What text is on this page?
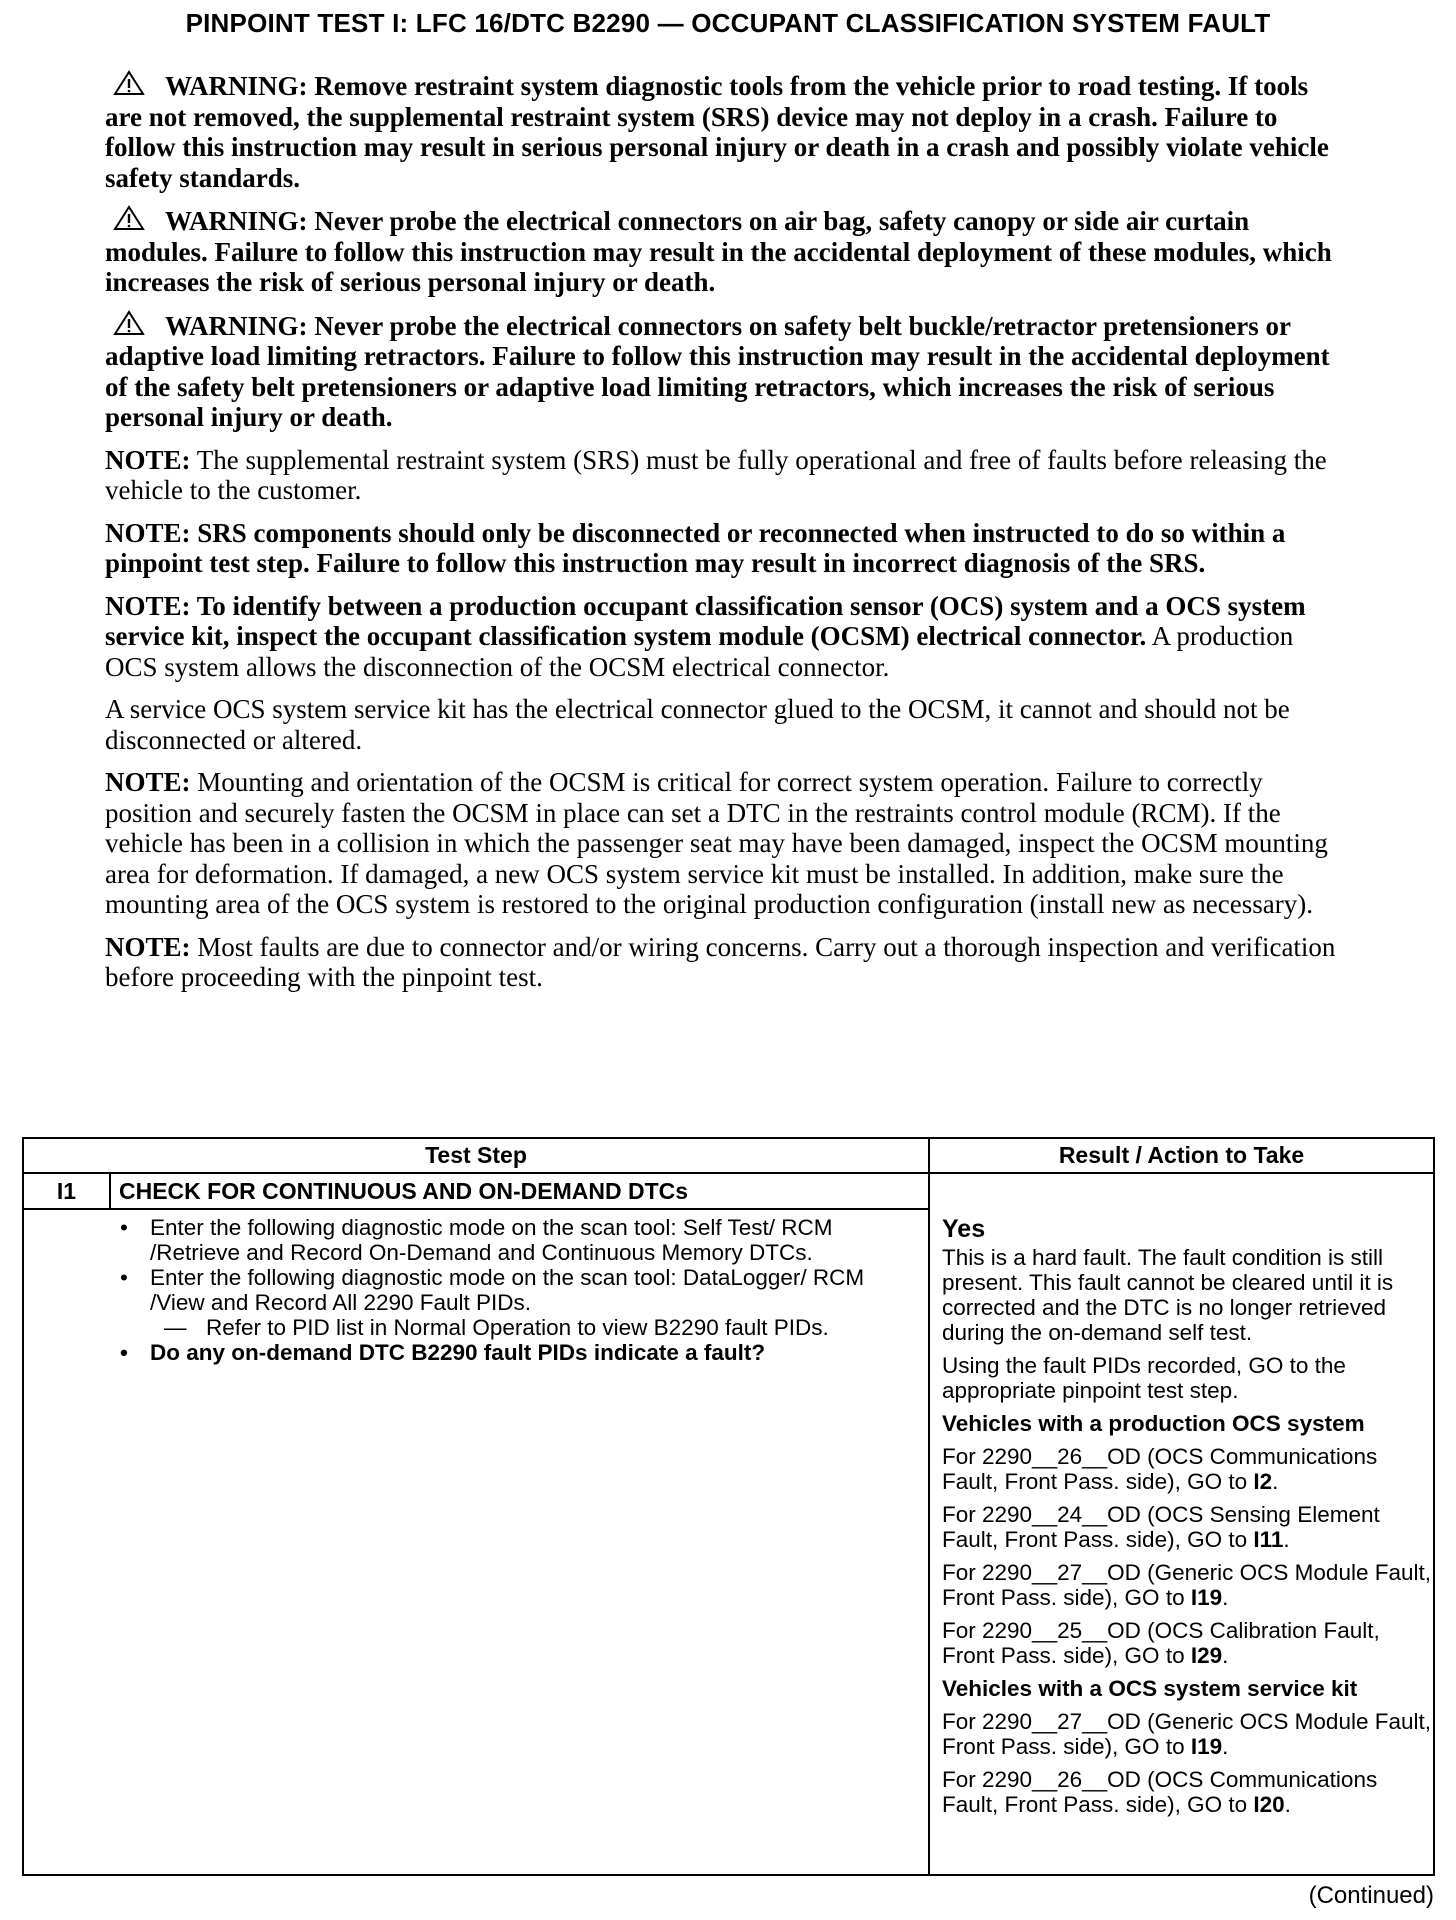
PINPOINT TEST I: LFC 16/DTC B2290 — OCCUPANT CLASSIFICATION SYSTEM FAULT

WARNING: Remove restraint system diagnostic tools from the vehicle prior to road testing. If tools are not removed, the supplemental restraint system (SRS) device may not deploy in a crash. Failure to follow this instruction may result in serious personal injury or death in a crash and possibly violate vehicle safety standards.

WARNING: Never probe the electrical connectors on air bag, safety canopy or side air curtain modules. Failure to follow this instruction may result in the accidental deployment of these modules, which increases the risk of serious personal injury or death.

WARNING: Never probe the electrical connectors on safety belt buckle/retractor pretensioners or adaptive load limiting retractors. Failure to follow this instruction may result in the accidental deployment of the safety belt pretensioners or adaptive load limiting retractors, which increases the risk of serious personal injury or death.

NOTE: The supplemental restraint system (SRS) must be fully operational and free of faults before releasing the vehicle to the customer.

NOTE: SRS components should only be disconnected or reconnected when instructed to do so within a pinpoint test step. Failure to follow this instruction may result in incorrect diagnosis of the SRS.

NOTE: To identify between a production occupant classification sensor (OCS) system and a OCS system service kit, inspect the occupant classification system module (OCSM) electrical connector. A production OCS system allows the disconnection of the OCSM electrical connector.

A service OCS system service kit has the electrical connector glued to the OCSM, it cannot and should not be disconnected or altered.

NOTE: Mounting and orientation of the OCSM is critical for correct system operation. Failure to correctly position and securely fasten the OCSM in place can set a DTC in the restraints control module (RCM). If the vehicle has been in a collision in which the passenger seat may have been damaged, inspect the OCSM mounting area for deformation. If damaged, a new OCS system service kit must be installed. In addition, make sure the mounting area of the OCS system is restored to the original production configuration (install new as necessary).

NOTE: Most faults are due to connector and/or wiring concerns. Carry out a thorough inspection and verification before proceeding with the pinpoint test.

Test Step	Result / Action to Take
I1	CHECK FOR CONTINUOUS AND ON-DEMAND DTCs

• Enter the following diagnostic mode on the scan tool: Self Test/ RCM /Retrieve and Record On-Demand and Continuous Memory DTCs.

• Enter the following diagnostic mode on the scan tool: DataLogger/ RCM /View and Record All 2290 Fault PIDs.

— Refer to PID list in Normal Operation to view B2290 fault PIDs.

• Do any on-demand DTC B2290 fault PIDs indicate a fault?

Yes

This is a hard fault. The fault condition is still present. This fault cannot be cleared until it is corrected and the DTC is no longer retrieved during the on-demand self test.

Using the fault PIDs recorded, GO to the appropriate pinpoint test step.

Vehicles with a production OCS system

For 2290__26__OD (OCS Communications Fault, Front Pass. side), GO to I2.

For 2290__24__OD (OCS Sensing Element Fault, Front Pass. side), GO to I11.

For 2290__27__OD (Generic OCS Module Fault, Front Pass. side), GO to I19.

For 2290__25__OD (OCS Calibration Fault, Front Pass. side), GO to I29.

Vehicles with a OCS system service kit

For 2290__27__OD (Generic OCS Module Fault, Front Pass. side), GO to I19.

For 2290__26__OD (OCS Communications Fault, Front Pass. side), GO to I20.

(Continued)
